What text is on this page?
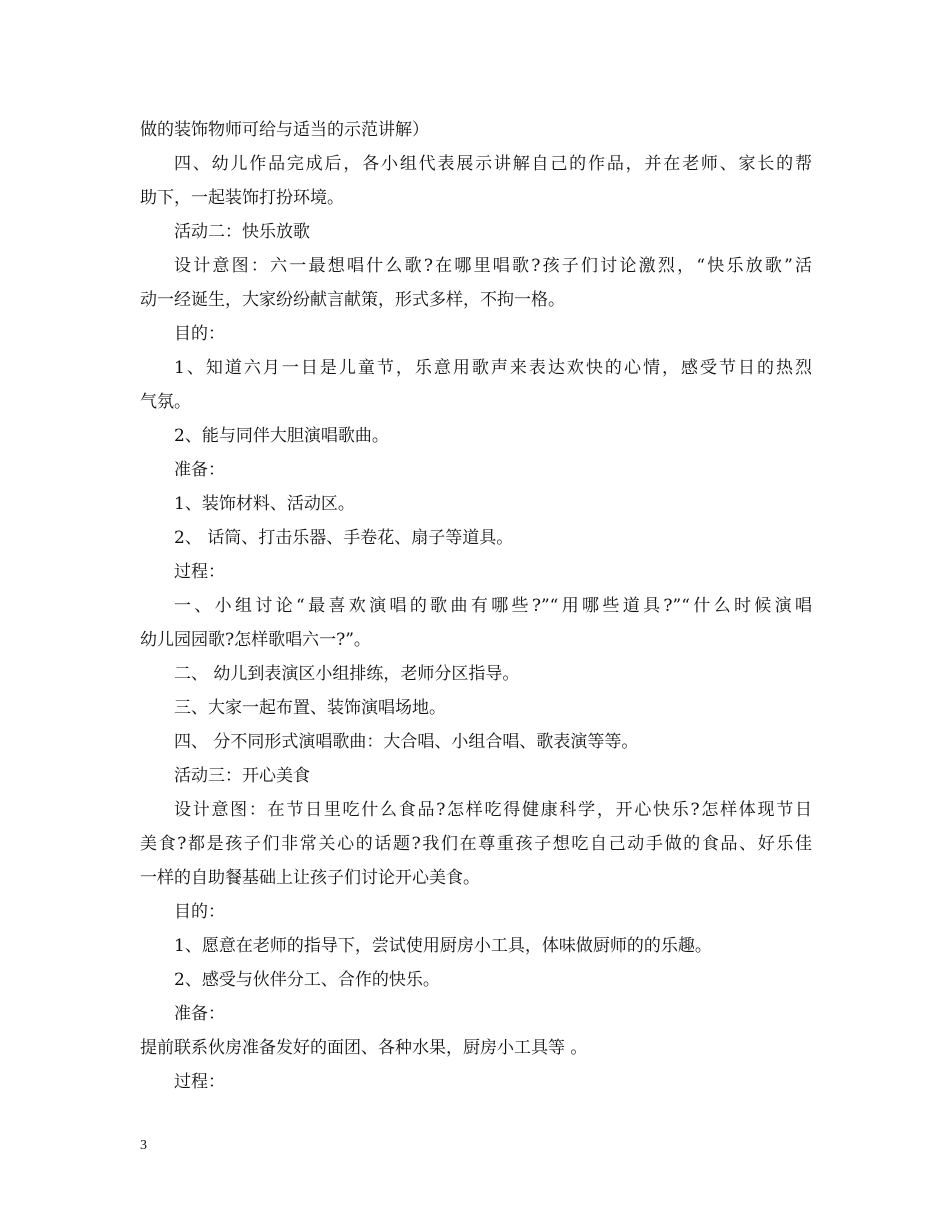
做的装饰物师可给与适当的示范讲解）
四、幼儿作品完成后，各小组代表展示讲解自己的作品，并在老师、家长的帮
助下，一起装饰打扮环境。
活动二：快乐放歌
设计意图：六一最想唱什么歌?在哪里唱歌?孩子们讨论激烈，“快乐放歌”活
动一经诞生，大家纷纷献言献策，形式多样，不拘一格。
目的：
1、知道六月一日是儿童节，乐意用歌声来表达欢快的心情，感受节日的热烈
气氛。
2、能与同伴大胆演唱歌曲。
准备：
1、装饰材料、活动区。
2、 话筒、打击乐器、手卷花、扇子等道具。
过程：
一、小组讨论“最喜欢演唱的歌曲有哪些?”“用哪些道具?”“什么时候演唱
幼儿园园歌?怎样歌唱六一?”。
二、 幼儿到表演区小组排练，老师分区指导。
三、大家一起布置、装饰演唱场地。
四、 分不同形式演唱歌曲：大合唱、小组合唱、歌表演等等。
活动三：开心美食
设计意图：在节日里吃什么食品?怎样吃得健康科学，开心快乐?怎样体现节日
美食?都是孩子们非常关心的话题?我们在尊重孩子想吃自己动手做的食品、好乐佳
一样的自助餐基础上让孩子们讨论开心美食。
目的：
1、愿意在老师的指导下，尝试使用厨房小工具，体味做厨师的的乐趣。
2、感受与伙伴分工、合作的快乐。
准备：
提前联系伙房准备发好的面团、各种水果，厨房小工具等 。
过程：
3
